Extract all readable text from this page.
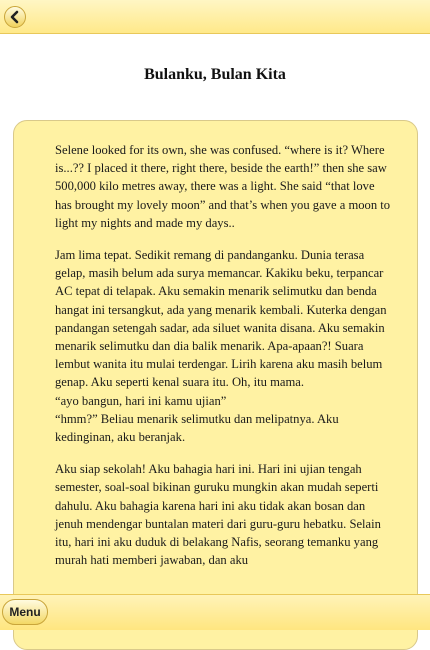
Bulanku, Bulan Kita

Selene looked for its own, she was confused. “where is it? Where is...?? I placed it there, right there, beside the earth!” then she saw 500,000 kilo metres away, there was a light. She said “that love has brought my lovely moon” and that’s when you gave a moon to light my nights and made my days..

Jam lima tepat. Sedikit remang di pandanganku. Dunia terasa gelap, masih belum ada surya memancar. Kakiku beku, terpancar AC tepat di telapak. Aku semakin menarik selimutku dan benda hangat ini tersangkut, ada yang menarik kembali. Kuterka dengan pandangan setengah sadar, ada siluet wanita disana. Aku semakin menarik selimutku dan dia balik menarik. Apa-apaan?! Suara lembut wanita itu mulai terdengar. Lirih karena aku masih belum genap. Aku seperti kenal suara itu. Oh, itu mama.
“ayo bangun, hari ini kamu ujian”
“hmm?” Beliau menarik selimutku dan melipatnya. Aku kedinginan, aku beranjak.

Aku siap sekolah! Aku bahagia hari ini. Hari ini ujian tengah semester, soal-soal bikinan guruku mungkin akan mudah seperti dahulu. Aku bahagia karena hari ini aku tidak akan bosan dan jenuh mendengar buntalan materi dari guru-guru hebatku. Selain itu, hari ini aku duduk di belakang Nafis, seorang temanku yang murah hati memberi jawaban, dan aku

Menu
